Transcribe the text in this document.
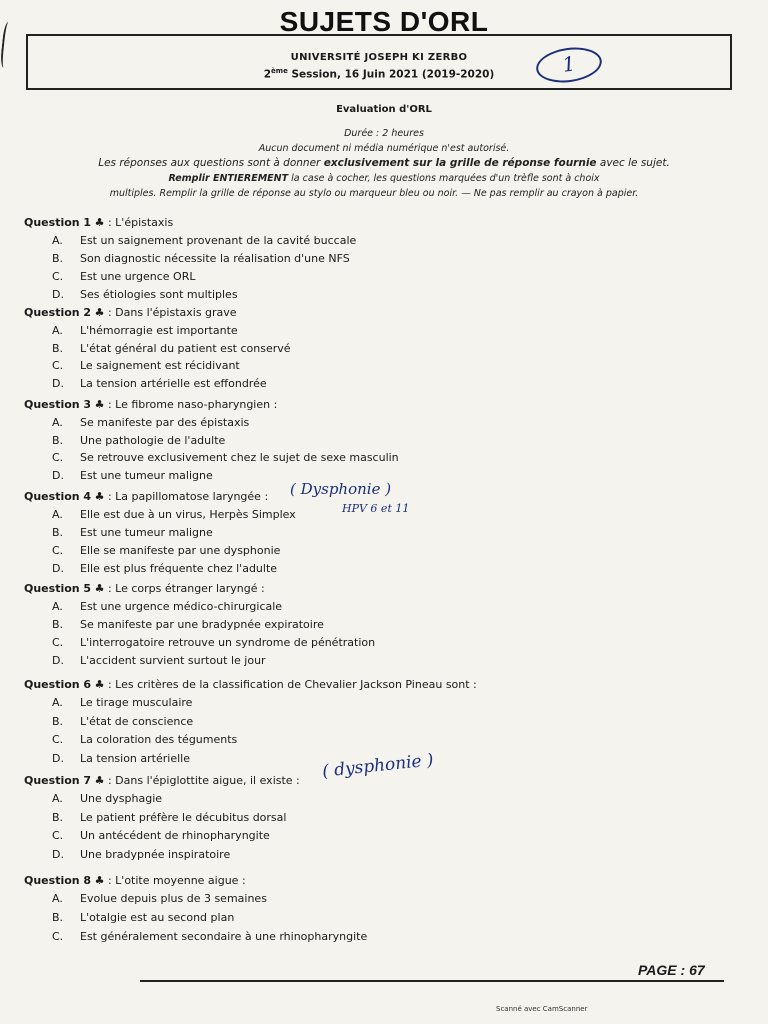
SUJETS D'ORL
UNIVERSITÉ JOSEPH KI ZERBO
2ème Session, 16 Juin 2021 (2019-2020)	1
Evaluation d'ORL
Durée : 2 heures
Aucun document ni média numérique n'est autorisé.
Les réponses aux questions sont à donner exclusivement sur la grille de réponse fournie avec le sujet.
Remplir ENTIEREMENT la case à cocher, les questions marquées d'un trèfle sont à choix
multiples. Remplir la grille de réponse au stylo ou marqueur bleu ou noir. — Ne pas remplir au crayon à papier.
Question 1 ♣ : L'épistaxis
A. Est un saignement provenant de la cavité buccale
B. Son diagnostic nécessite la réalisation d'une NFS
C. Est une urgence ORL
D. Ses étiologies sont multiples
Question 2 ♣ : Dans l'épistaxis grave
A. L'hémorragie est importante
B. L'état général du patient est conservé
C. Le saignement est récidivant
D. La tension artérielle est effondrée
Question 3 ♣ : Le fibrome naso-pharyngien :
A. Se manifeste par des épistaxis
B. Une pathologie de l'adulte
C. Se retrouve exclusivement chez le sujet de sexe masculin
D. Est une tumeur maligne
Question 4 ♣ : La papillomatose laryngée :
A. Elle est due à un virus, Herpès Simplex
B. Est une tumeur maligne
C. Elle se manifeste par une dysphonie
D. Elle est plus fréquente chez l'adulte
Question 5 ♣ : Le corps étranger laryngé :
A. Est une urgence médico-chirurgicale
B. Se manifeste par une bradypnée expiratoire
C. L'interrogatoire retrouve un syndrome de pénétration
D. L'accident survient surtout le jour
Question 6 ♣ : Les critères de la classification de Chevalier Jackson Pineau sont :
A. Le tirage musculaire
B. L'état de conscience
C. La coloration des téguments
D. La tension artérielle
Question 7 ♣ : Dans l'épiglottite aigue, il existe :
A. Une dysphagie
B. Le patient préfère le décubitus dorsal
C. Un antécédent de rhinopharyngite
D. Une bradypnée inspiratoire
Question 8 ♣ : L'otite moyenne aigue :
A. Evolue depuis plus de 3 semaines
B. L'otalgie est au second plan
C. Est généralement secondaire à une rhinopharyngite
( Dysphonie )
HPV 6 et 11
( dysphonie )
PAGE : 67
Scanné avec CamScanner
